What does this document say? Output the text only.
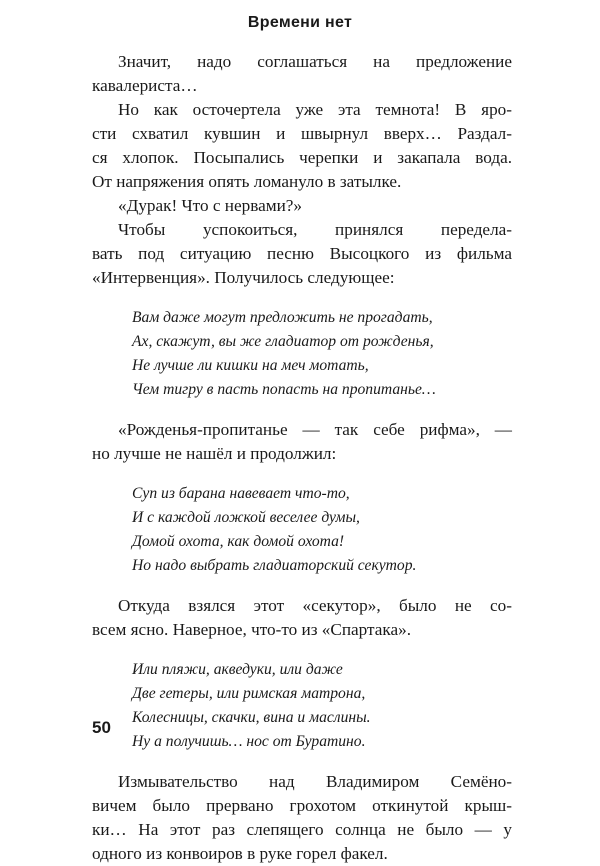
Времени нет
Значит, надо соглашаться на предложение
кавалериста…
Но как осточертела уже эта темнота! В яро-
сти схватил кувшин и швырнул вверх… Раздал-
ся хлопок. Посыпались черепки и закапала вода.
От напряжения опять ломануло в затылке.
«Дурак! Что с нервами?»
Чтобы успокоиться, принялся передела-
вать под ситуацию песню Высоцкого из фильма
«Интервенция». Получилось следующее:
Вам даже могут предложить не прогадать,
Ах, скажут, вы же гладиатор от рожденья,
Не лучше ли кишки на меч мотать,
Чем тигру в пасть попасть на пропитанье…
«Рожденья-пропитанье — так себе рифма», —
но лучше не нашёл и продолжил:
Суп из барана навевает что-то,
И с каждой ложкой веселее думы,
Домой охота, как домой охота!
Но надо выбрать гладиаторский секутор.
Откуда взялся этот «секутор», было не со-
всем ясно. Наверное, что-то из «Спартака».
Или пляжи, акведуки, или даже
Две гетеры, или римская матрона,
Колесницы, скачки, вина и маслины.
Ну а получишь… нос от Буратино.
Измывательство над Владимиром Семёно-
вичем было прервано грохотом откинутой крыш-
ки… На этот раз слепящего солнца не было — у
одного из конвоиров в руке горел факел.
50
